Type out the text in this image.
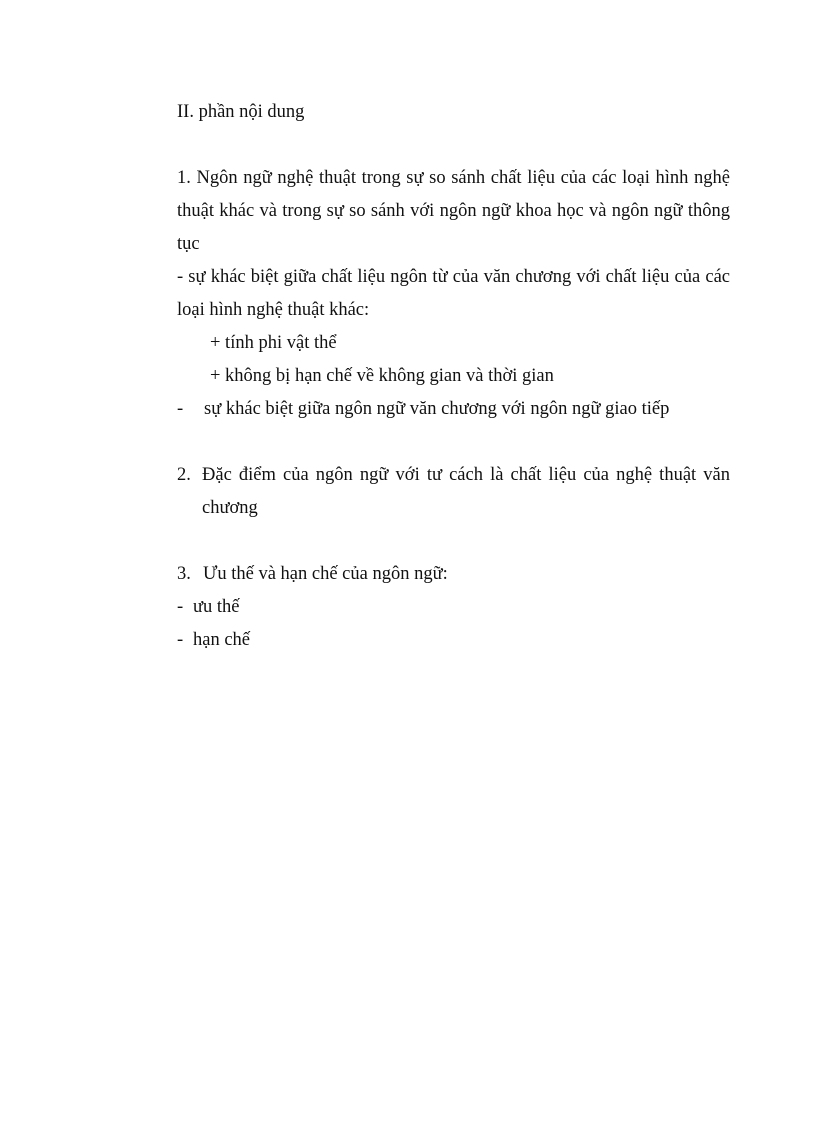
II. phần nội dung

1. Ngôn ngữ nghệ thuật trong sự so sánh chất liệu của các loại hình nghệ thuật khác và trong sự so sánh với ngôn ngữ khoa học và ngôn ngữ thông tục

- sự khác biệt giữa chất liệu ngôn từ của văn chương với chất liệu của các loại hình nghệ thuật khác:

+ tính phi vật thể

+ không bị hạn chế về không gian và thời gian

-	sự khác biệt giữa ngôn ngữ văn chương với ngôn ngữ giao tiếp
2. Đặc điểm của ngôn ngữ với tư cách là chất liệu của nghệ thuật văn chương
3. Ưu thế và hạn chế của ngôn ngữ:
- ưu thế
- hạn chế
